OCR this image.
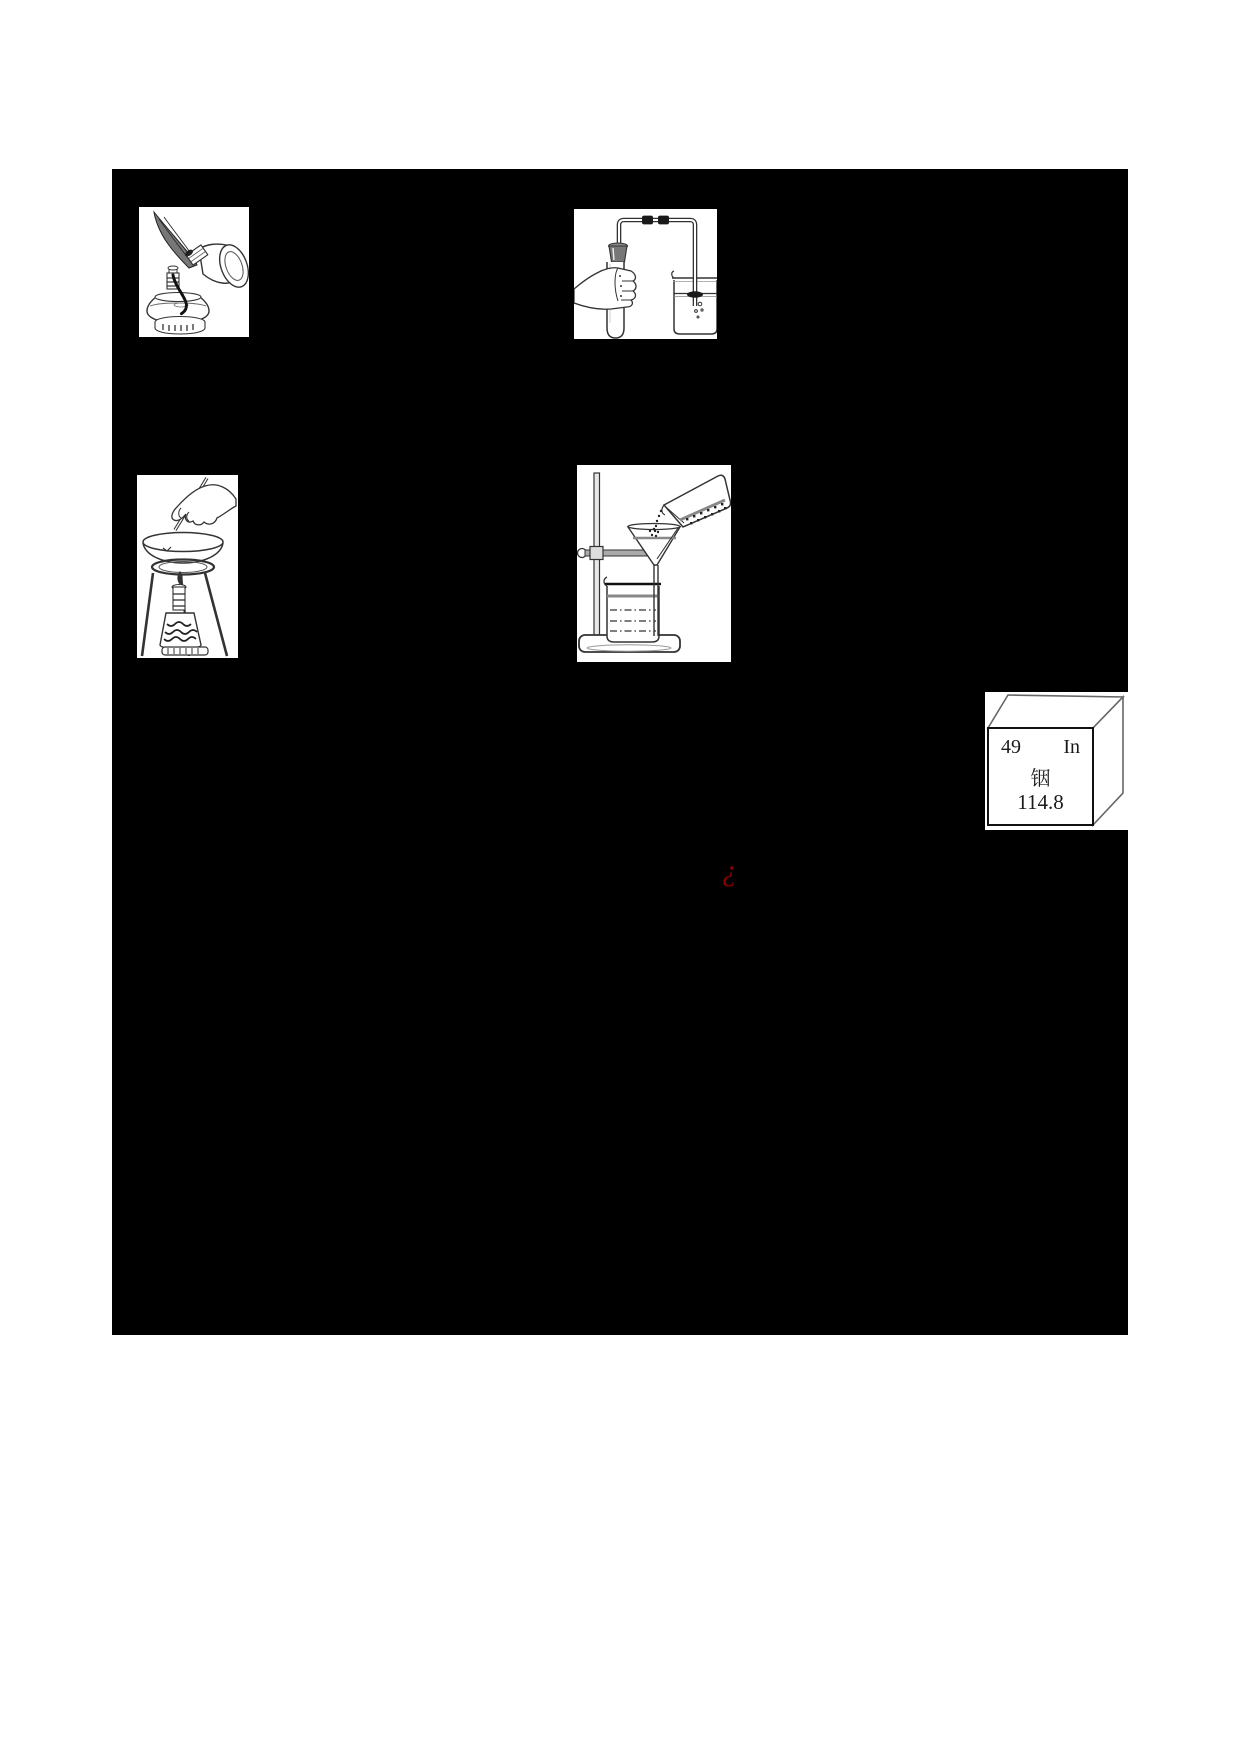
49 In
铟
114.8
¿
